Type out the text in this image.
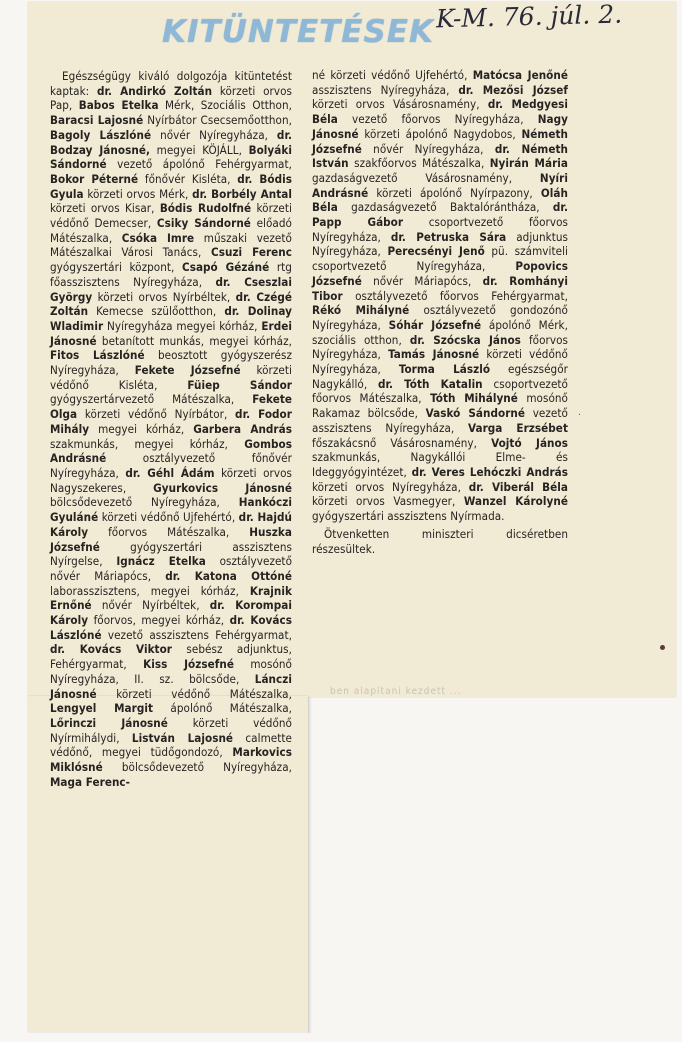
KITÜNTETÉSEK K-M. 76. júl. 2.

Egészségügy kiváló dolgozója kitüntetést kaptak: dr. Andirkó Zoltán körzeti orvos Pap, Babos Etelka Mérk, Szociális Otthon, Baracsi Lajosné Nyírbátor Csecsemőotthon, Bagoly Lászlóné nővér Nyíregyháza, dr. Bodzay Jánosné, megyei KÖJÁLL, Bolyáki Sándorné vezető ápolónő Fehérgyarmat, Bokor Péterné főnővér Kisléta, dr. Bódis Gyula körzeti orvos Mérk, dr. Borbély Antal körzeti orvos Kisar, Bódis Rudolfné körzeti védőnő Demecser, Csiky Sándorné előadó Mátészalka, Csóka Imre műszaki vezető Mátészalkai Városi Tanács, Csuzi Ferenc gyógyszertári központ, Csapó Gézáné rtg főasszisztens Nyíregyháza, dr. Cseszlai György körzeti orvos Nyírbéltek, dr. Czégé Zoltán Kemecse szülőotthon, dr. Dolinay Wladimir Nyíregyháza megyei kórház, Erdei Jánosné betanított munkás, megyei kórház, Fitos Lászlóné beosztott gyógyszerész Nyíregyháza, Fekete Józsefné körzeti védőnő Kisléta,	Füiep Sándor gyógyszertárvezető Mátészalka, Fekete Olga körzeti védőnő Nyírbátor, dr. Fodor Mihály megyei kórház, Garbera András szakmunkás, megyei kórház, Gombos Andrásné	osztályvezető főnővér Nyíregyháza, dr. Géhl Ádám körzeti orvos Nagyszekeres, Gyurkovics Jánosné bölcsődevezető Nyíregyháza, Hankóczi Gyuláné körzeti védőnő Ujfehértó, dr. Hajdú Károly főorvos Mátészalka, Huszka Józsefné	gyógyszertári asszisztens Nyírgelse, Ignácz Etelka osztályvezető nővér Máriapócs, dr. Katona Ottóné laborasszisztens, megyei kórház, Krajnik Ernőné nővér Nyírbéltek, dr. Korompai Károly főorvos, megyei kórház, dr. Kovács Lászlóné vezető asszisztens Fehérgyarmat, dr. Kovács Viktor sebész adjunktus, Fehérgyarmat, Kiss Józsefné mosónő Nyíregyháza, II. sz. bölcsőde, Lánczi Jánosné körzeti védőnő Mátészalka, Lengyel Margit ápolónő Mátészalka, Lőrinczi Jánosné körzeti védőnő Nyírmihálydi, Listván Lajosné calmette védőnő, megyei tüdőgondozó, Markovics Miklósné bölcsődevezető Nyíregyháza, Maga Ferenc-

né körzeti védőnő Ujfehértó, Matócsa Jenőné asszisztens Nyíregyháza, dr. Mezősi József körzeti orvos Vásárosnamény, dr. Medgyesi Béla vezető főorvos Nyíregyháza, Nagy Jánosné körzeti ápolónő Nagydobos, Németh Józsefné nővér Nyíregyháza, dr. Németh István szakfőorvos Mátészalka, Nyirán Mária gazdaságvezető Vásárosnamény, Nyíri Andrásné körzeti ápolónő Nyírpazony, Oláh Béla gazdaságvezető Baktalórántháza, dr. Papp Gábor csoportvezető főorvos Nyíregyháza, dr. Petruska Sára adjunktus Nyíregyháza, Perecsényi Jenő pü. számviteli csoportvezető Nyíregyháza,	Popovics Józsefné nővér Máriapócs, dr. Romhányi Tibor osztályvezető főorvos Fehérgyarmat, Rékó Mihályné osztályvezető gondozónő Nyíregyháza, Sóhár Józsefné ápolónő Mérk, szociális otthon, dr. Szócska János főorvos Nyíregyháza, Tamás Jánosné körzeti védőnő Nyíregyháza, Torma László egészségőr Nagykálló, dr. Tóth Katalin csoportvezető főorvos Mátészalka, Tóth Mihályné mosónő Rakamaz bölcsőde, Vaskó Sándorné vezető asszisztens Nyíregyháza, Varga Erzsébet főszakácsnő Vásárosnamény, Vojtó János szakmunkás, Nagykállói Elme- és Ideggyógyintézet, dr. Veres Lehóczki András körzeti orvos Nyíregyháza, dr. Viberál Béla körzeti orvos Vasmegyer, Wanzel Károlyné gyógyszertári asszisztens Nyírmada.
Ötvenketten miniszteri dicséretben részesültek.

ben alapítani kezdett ...

·
